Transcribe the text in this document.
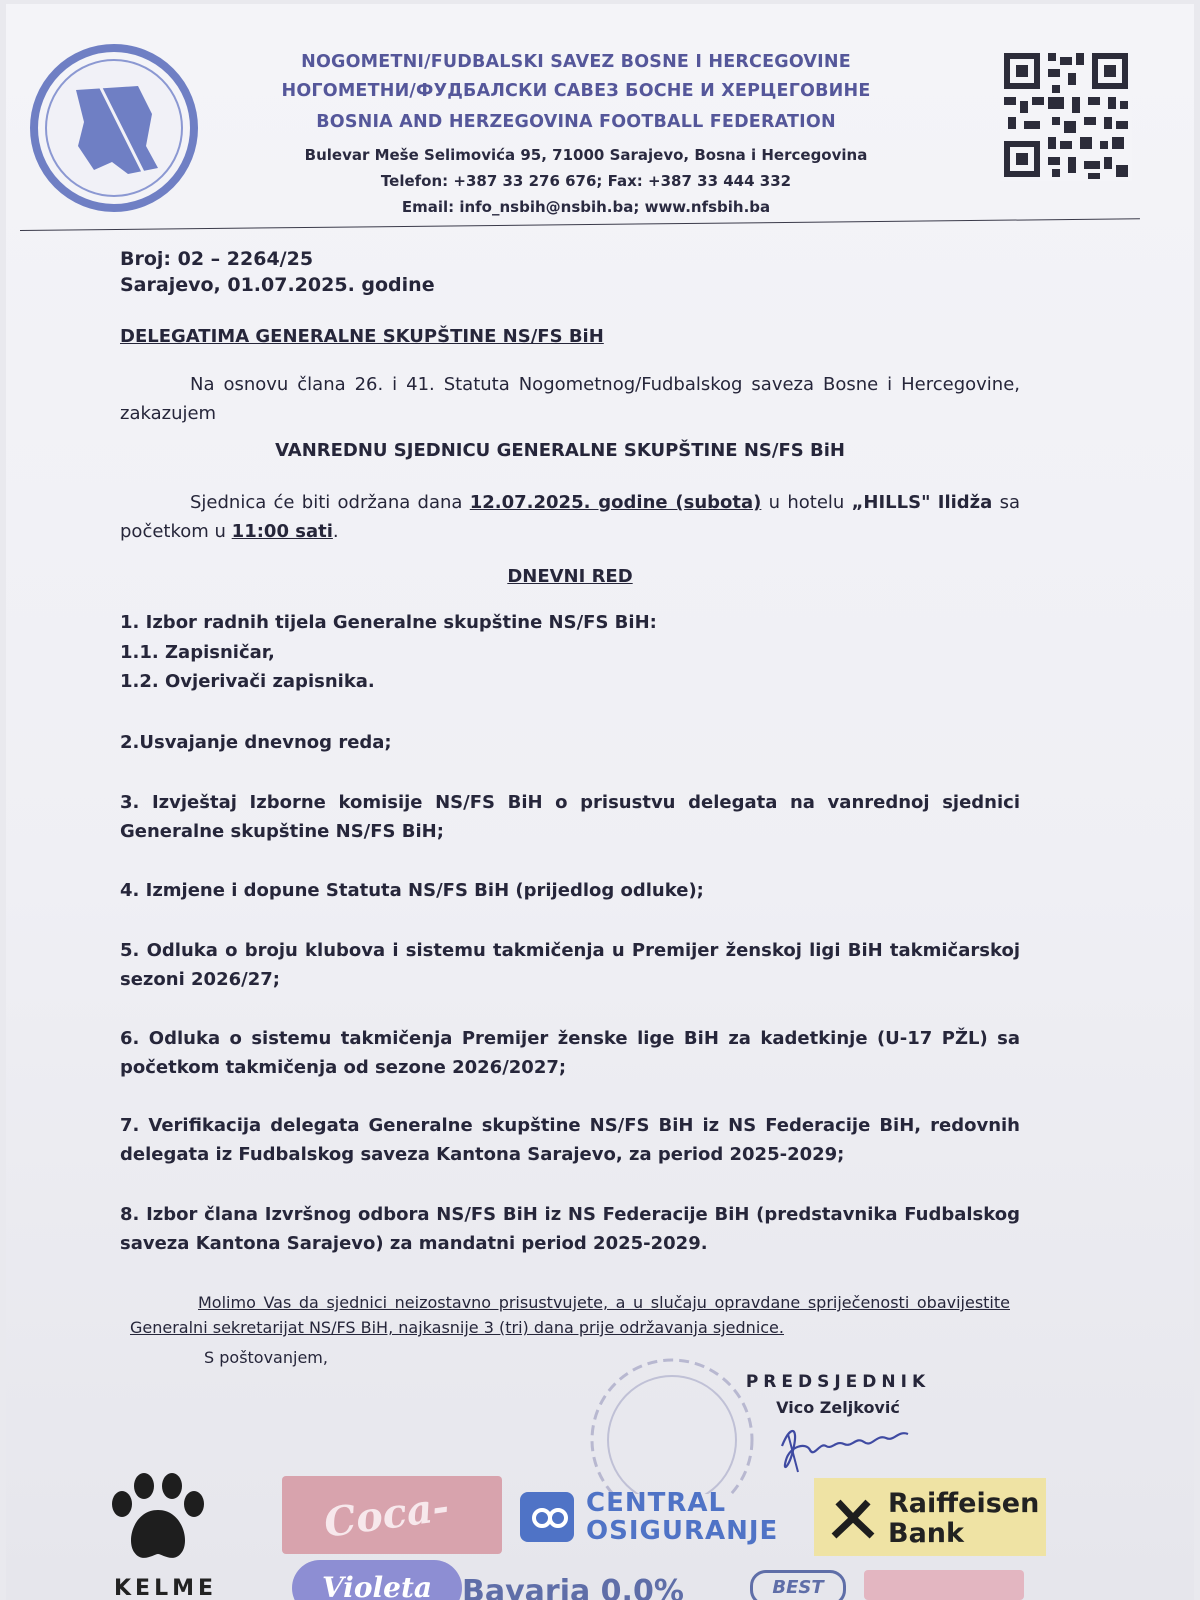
NOGOMETNI/FUDBALSKI SAVEZ BOSNE I HERCEGOVINE
НОГОМЕТНИ/ФУДБАЛСКИ САВЕЗ БОСНЕ И ХЕРЦЕГОВИНЕ
BOSNIA AND HERZEGOVINA FOOTBALL FEDERATION
Bulevar Meše Selimovića 95, 71000 Sarajevo, Bosna i Hercegovina
Telefon: +387 33 276 676; Fax: +387 33 444 332
Email: info_nsbih@nsbih.ba; www.nfsbih.ba
Broj: 02 – 2264/25
Sarajevo, 01.07.2025. godine
DELEGATIMA GENERALNE SKUPŠTINE NS/FS BiH
Na osnovu člana 26. i 41. Statuta Nogometnog/Fudbalskog saveza Bosne i Hercegovine, zakazujem
VANREDNU SJEDNICU GENERALNE SKUPŠTINE NS/FS BiH
Sjednica će biti održana dana 12.07.2025. godine (subota) u hotelu „HILLS" Ilidža sa početkom u 11:00 sati.
DNEVNI RED
1. Izbor radnih tijela Generalne skupštine NS/FS BiH:
1.1. Zapisničar,
1.2. Ovjerivači zapisnika.
2.Usvajanje dnevnog reda;
3. Izvještaj Izborne komisije NS/FS BiH o prisustvu delegata na vanrednoj sjednici Generalne skupštine NS/FS BiH;
4. Izmjene i dopune Statuta NS/FS BiH (prijedlog odluke);
5. Odluka o broju klubova i sistemu takmičenja u Premijer ženskoj ligi BiH takmičarskoj sezoni 2026/27;
6. Odluka o sistemu takmičenja Premijer ženske lige BiH za kadetkinje (U-17 PŽL) sa početkom takmičenja od sezone 2026/2027;
7. Verifikacija delegata Generalne skupštine NS/FS BiH iz NS Federacije BiH, redovnih delegata iz Fudbalskog saveza Kantona Sarajevo, za period 2025-2029;
8. Izbor člana Izvršnog odbora NS/FS BiH iz NS Federacije BiH (predstavnika Fudbalskog saveza Kantona Sarajevo) za mandatni period 2025-2029.
Molimo Vas da sjednici neizostavno prisustvujete, a u slučaju opravdane spriječenosti obavijestite Generalni sekretarijat NS/FS BiH, najkasnije 3 (tri) dana prije održavanja sjednice.
S poštovanjem,
PREDSJEDNIK
Vico Zeljković
KELME
Coca-Cola
CENTRAL
OSIGURANJE
Raiffeisen
Bank
Violeta Bavaria 0.0%	BEST
